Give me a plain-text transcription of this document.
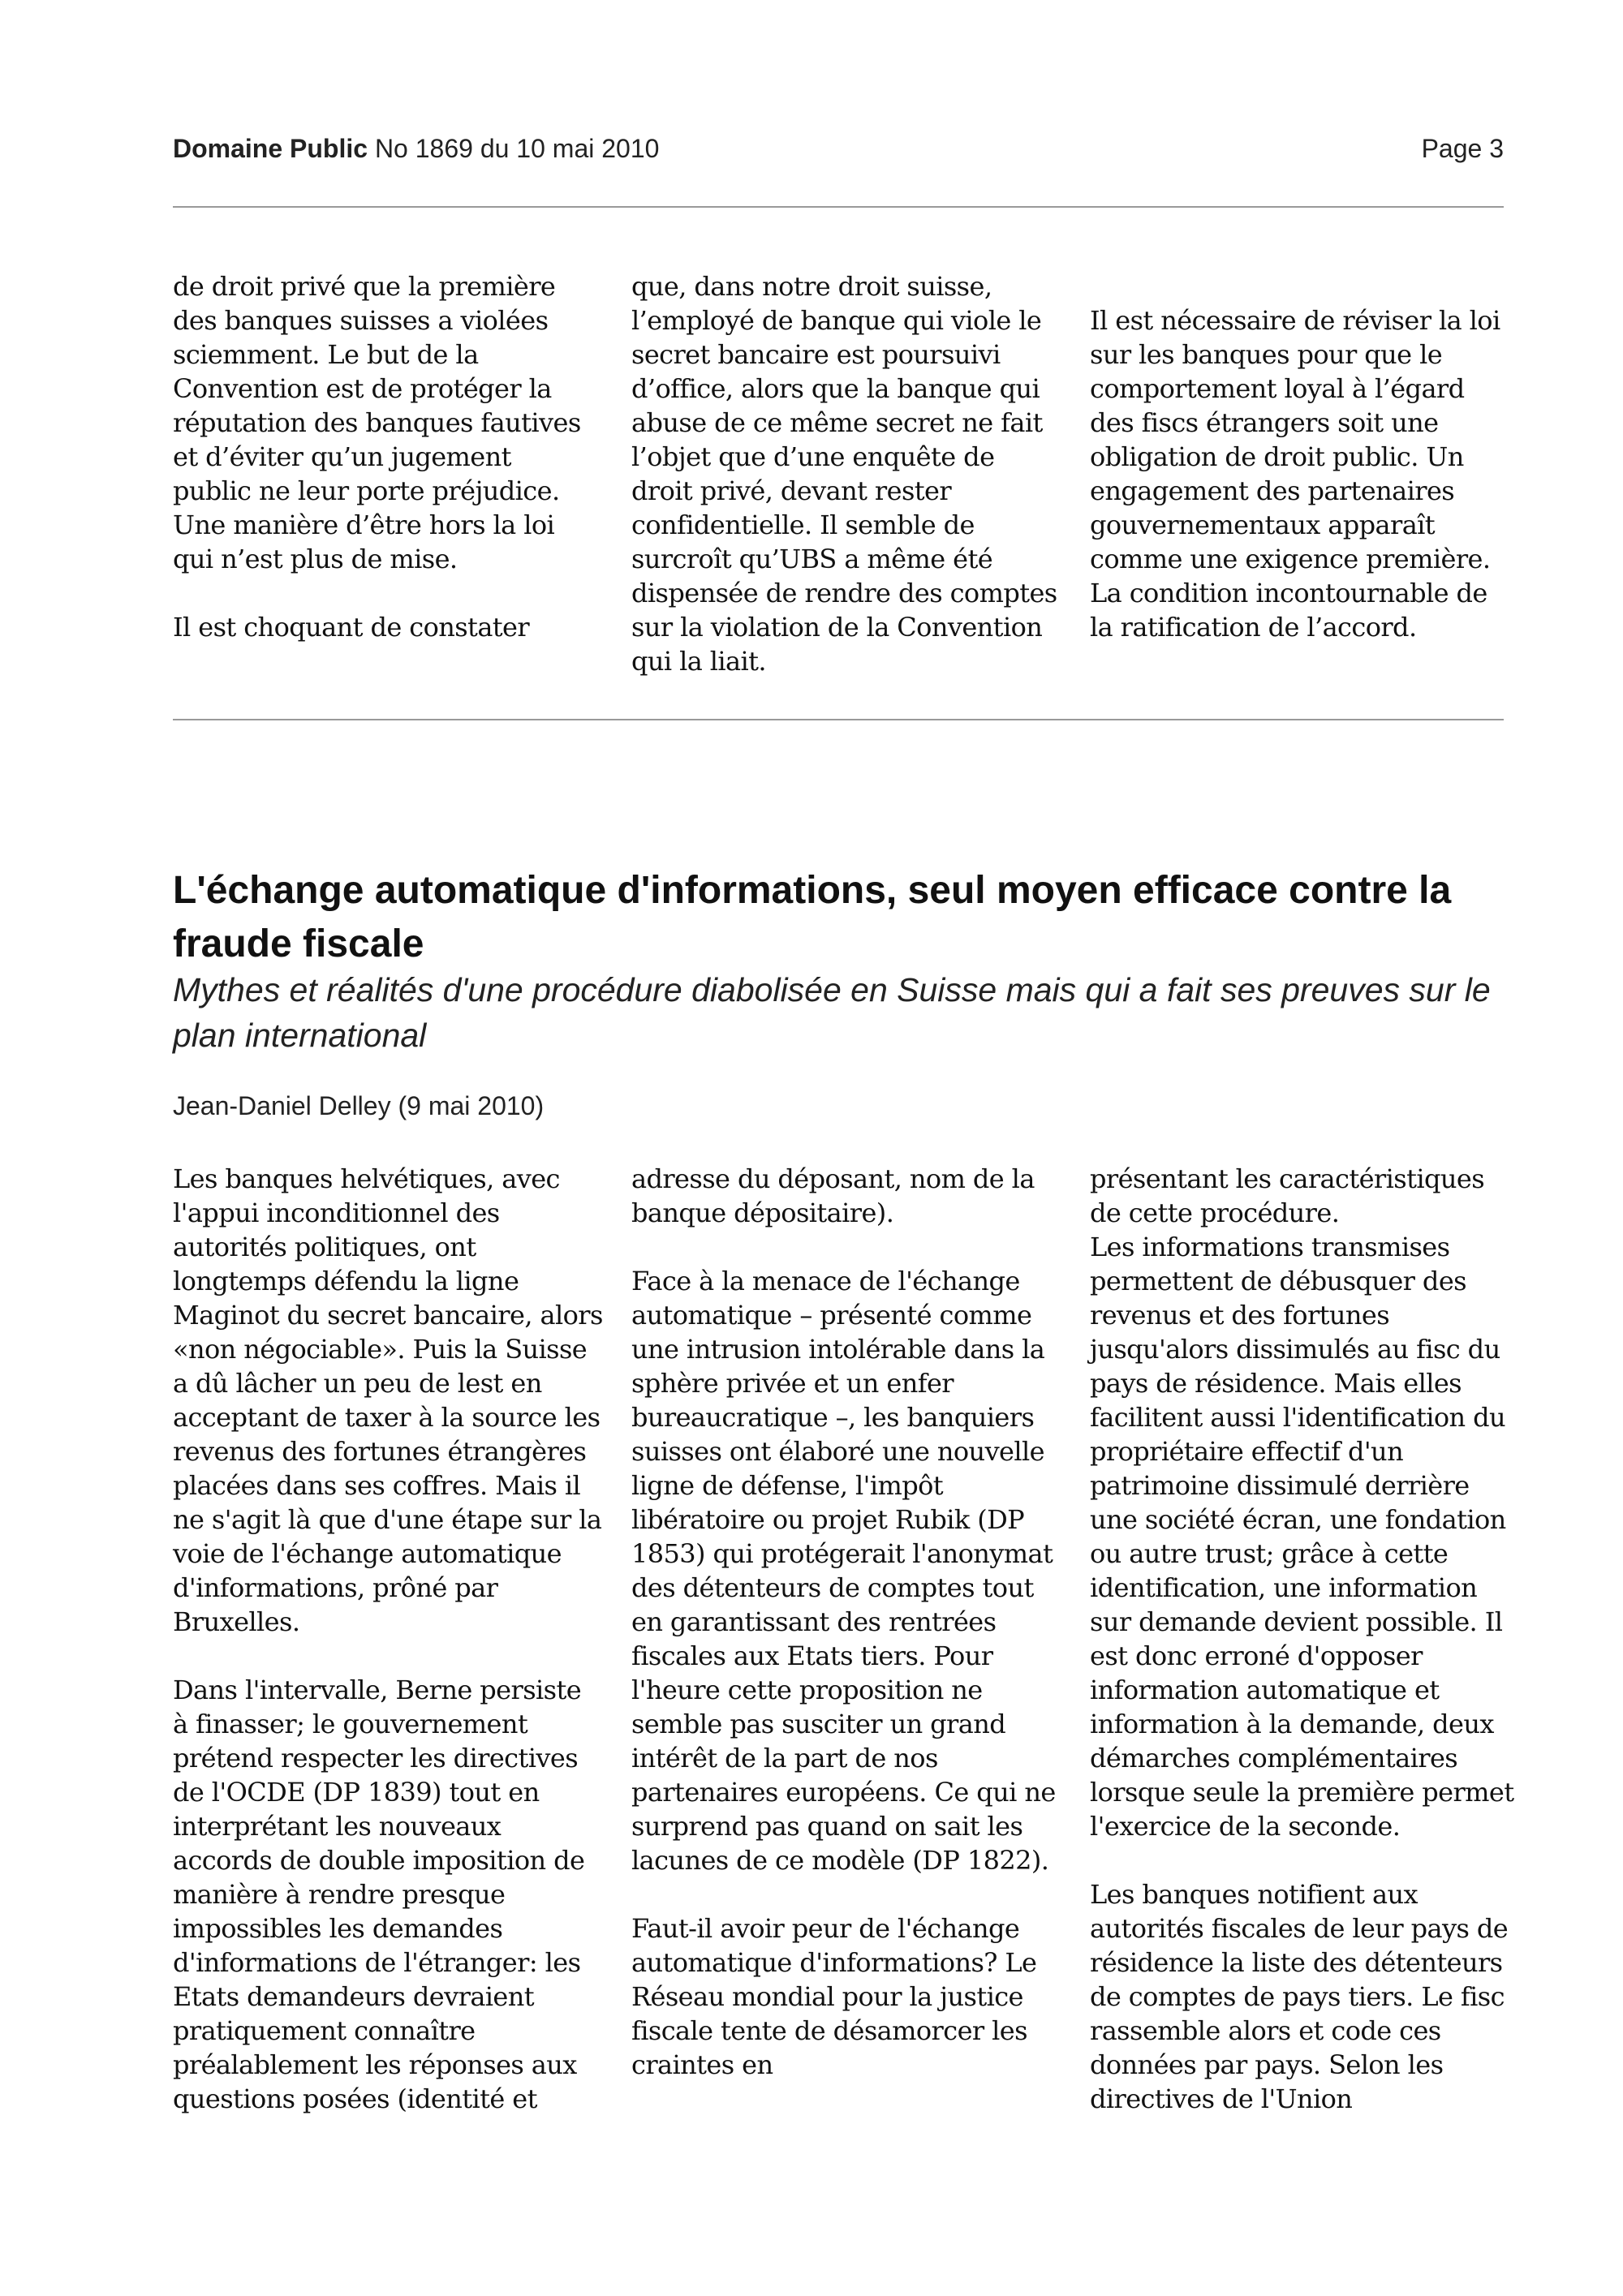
Domaine Public No 1869 du 10 mai 2010	Page 3

de droit privé que la première des banques suisses a violées sciemment. Le but de la Convention est de protéger la réputation des banques fautives et d’éviter qu’un jugement public ne leur porte préjudice. Une manière d’être hors la loi qui n’est plus de mise.

Il est choquant de constater

que, dans notre droit suisse, l’employé de banque qui viole le secret bancaire est poursuivi d’office, alors que la banque qui abuse de ce même secret ne fait l’objet que d’une enquête de droit privé, devant rester confidentielle. Il semble de surcroît qu’UBS a même été dispensée de rendre des comptes sur la violation de la Convention qui la liait.

Il est nécessaire de réviser la loi sur les banques pour que le comportement loyal à l’égard des fiscs étrangers soit une obligation de droit public. Un engagement des partenaires gouvernementaux apparaît comme une exigence première. La condition incontournable de la ratification de l’accord.

L'échange automatique d'informations, seul moyen efficace contre la fraude fiscale
Mythes et réalités d'une procédure diabolisée en Suisse mais qui a fait ses preuves sur le plan international
Jean-Daniel Delley (9 mai 2010)

Les banques helvétiques, avec l'appui inconditionnel des autorités politiques, ont longtemps défendu la ligne Maginot du secret bancaire, alors «non négociable». Puis la Suisse a dû lâcher un peu de lest en acceptant de taxer à la source les revenus des fortunes étrangères placées dans ses coffres. Mais il ne s'agit là que d'une étape sur la voie de l'échange automatique d'informations, prôné par Bruxelles.

Dans l'intervalle, Berne persiste à finasser; le gouvernement prétend respecter les directives de l'OCDE (DP 1839) tout en interprétant les nouveaux accords de double imposition de manière à rendre presque impossibles les demandes d'informations de l'étranger: les Etats demandeurs devraient pratiquement connaître préalablement les réponses aux questions posées (identité et

adresse du déposant, nom de la banque dépositaire).

Face à la menace de l'échange automatique – présenté comme une intrusion intolérable dans la sphère privée et un enfer bureaucratique –, les banquiers suisses ont élaboré une nouvelle ligne de défense, l'impôt libératoire ou projet Rubik (DP 1853) qui protégerait l'anonymat des détenteurs de comptes tout en garantissant des rentrées fiscales aux Etats tiers. Pour l'heure cette proposition ne semble pas susciter un grand intérêt de la part de nos partenaires européens. Ce qui ne surprend pas quand on sait les lacunes de ce modèle (DP 1822).

Faut-il avoir peur de l'échange automatique d'informations? Le Réseau mondial pour la justice fiscale tente de désamorcer les craintes en

présentant les caractéristiques de cette procédure.
Les informations transmises permettent de débusquer des revenus et des fortunes jusqu'alors dissimulés au fisc du pays de résidence. Mais elles facilitent aussi l'identification du propriétaire effectif d'un patrimoine dissimulé derrière une société écran, une fondation ou autre trust; grâce à cette identification, une information sur demande devient possible. Il est donc erroné d'opposer information automatique et information à la demande, deux démarches complémentaires lorsque seule la première permet l'exercice de la seconde.

Les banques notifient aux autorités fiscales de leur pays de résidence la liste des détenteurs de comptes de pays tiers. Le fisc rassemble alors et code ces données par pays. Selon les directives de l'Union
